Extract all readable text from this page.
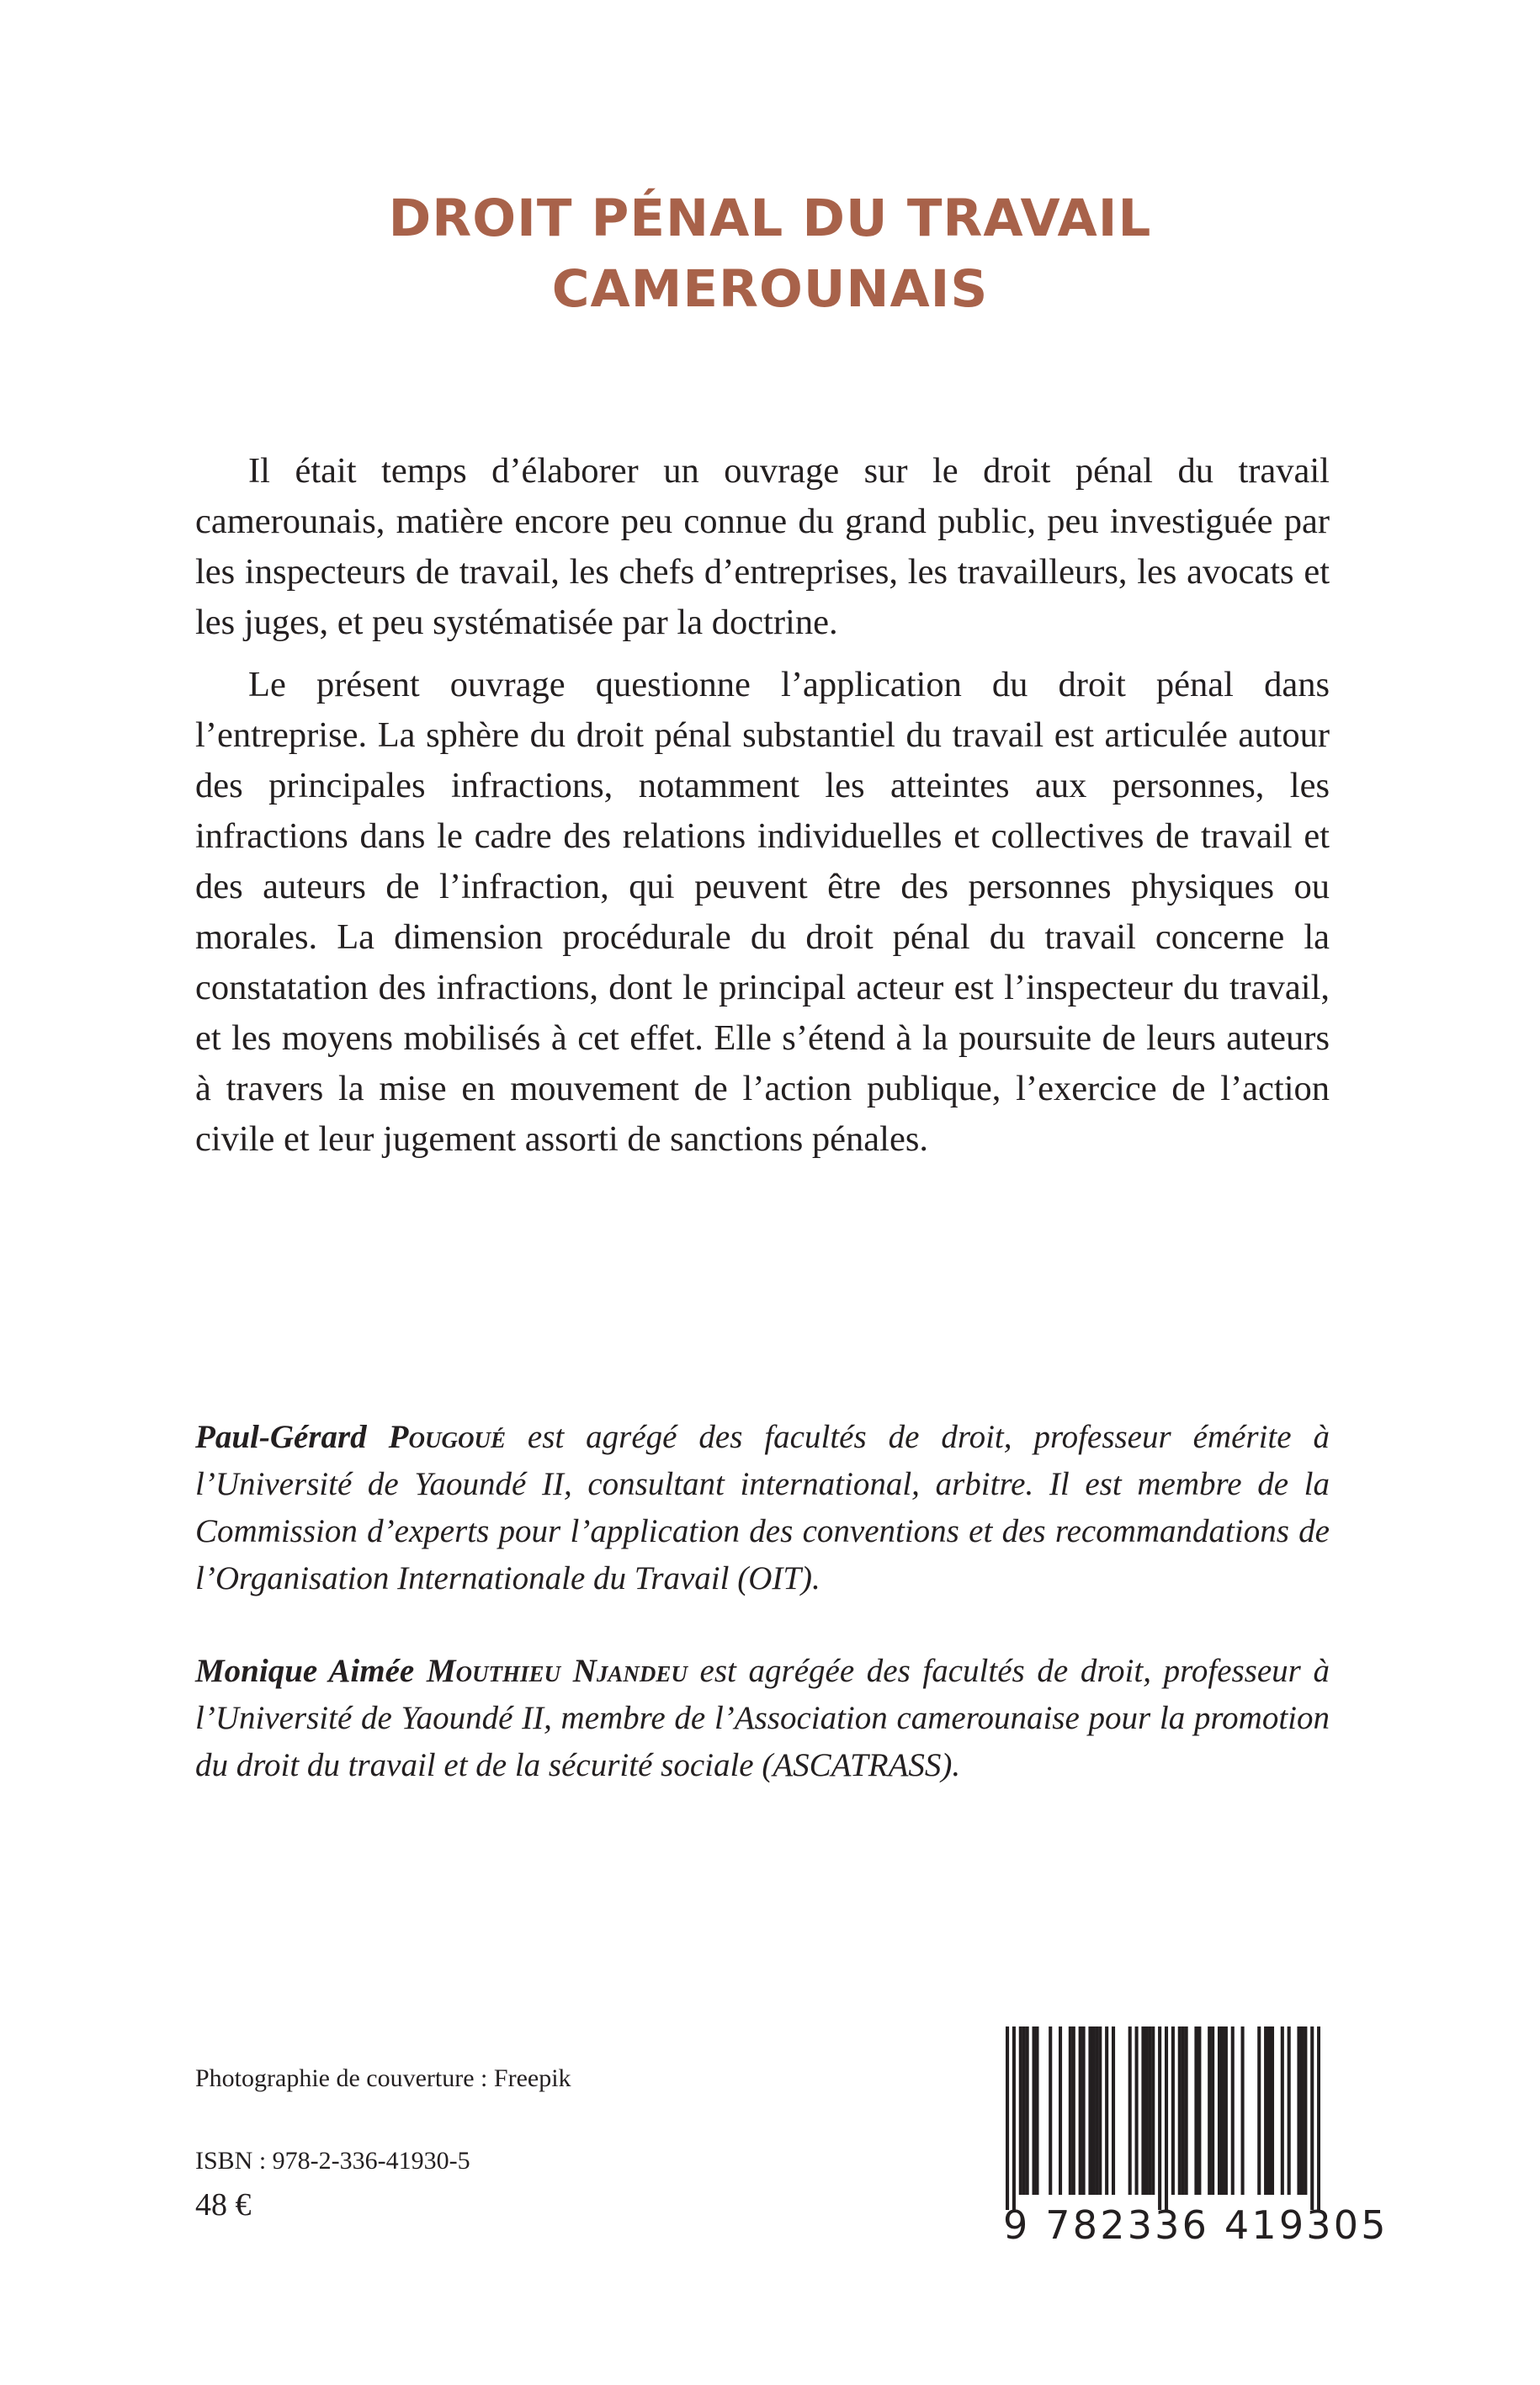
DROIT PÉNAL DU TRAVAIL
CAMEROUNAIS

Il était temps d’élaborer un ouvrage sur le droit pénal du travail camerounais, matière encore peu connue du grand public, peu investiguée par les inspecteurs de travail, les chefs d’entreprises, les travailleurs, les avocats et les juges, et peu systématisée par la doctrine.

Le présent ouvrage questionne l’application du droit pénal dans l’entreprise. La sphère du droit pénal substantiel du travail est articulée autour des principales infractions, notamment les atteintes aux personnes, les infractions dans le cadre des relations individuelles et collectives de travail et des auteurs de l’infraction, qui peuvent être des personnes physiques ou morales. La dimension procédurale du droit pénal du travail concerne la constatation des infractions, dont le principal acteur est l’inspecteur du travail, et les moyens mobilisés à cet effet. Elle s’étend à la poursuite de leurs auteurs à travers la mise en mouvement de l’action publique, l’exercice de l’action civile et leur jugement assorti de sanctions pénales.

Paul-Gérard Pougoué est agrégé des facultés de droit, professeur émérite à l’Université de Yaoundé II, consultant international, arbitre. Il est membre de la Commission d’experts pour l’application des conventions et des recommandations de l’Organisation Internationale du Travail (OIT).
Monique Aimée Mouthieu Njandeu est agrégée des facultés de droit, professeur à l’Université de Yaoundé II, membre de l’Association camerounaise pour la promotion du droit du travail et de la sécurité sociale (ASCATRASS).
Photographie de couverture : Freepik
ISBN : 978-2-336-41930-5
48 €	9 782336 419305
